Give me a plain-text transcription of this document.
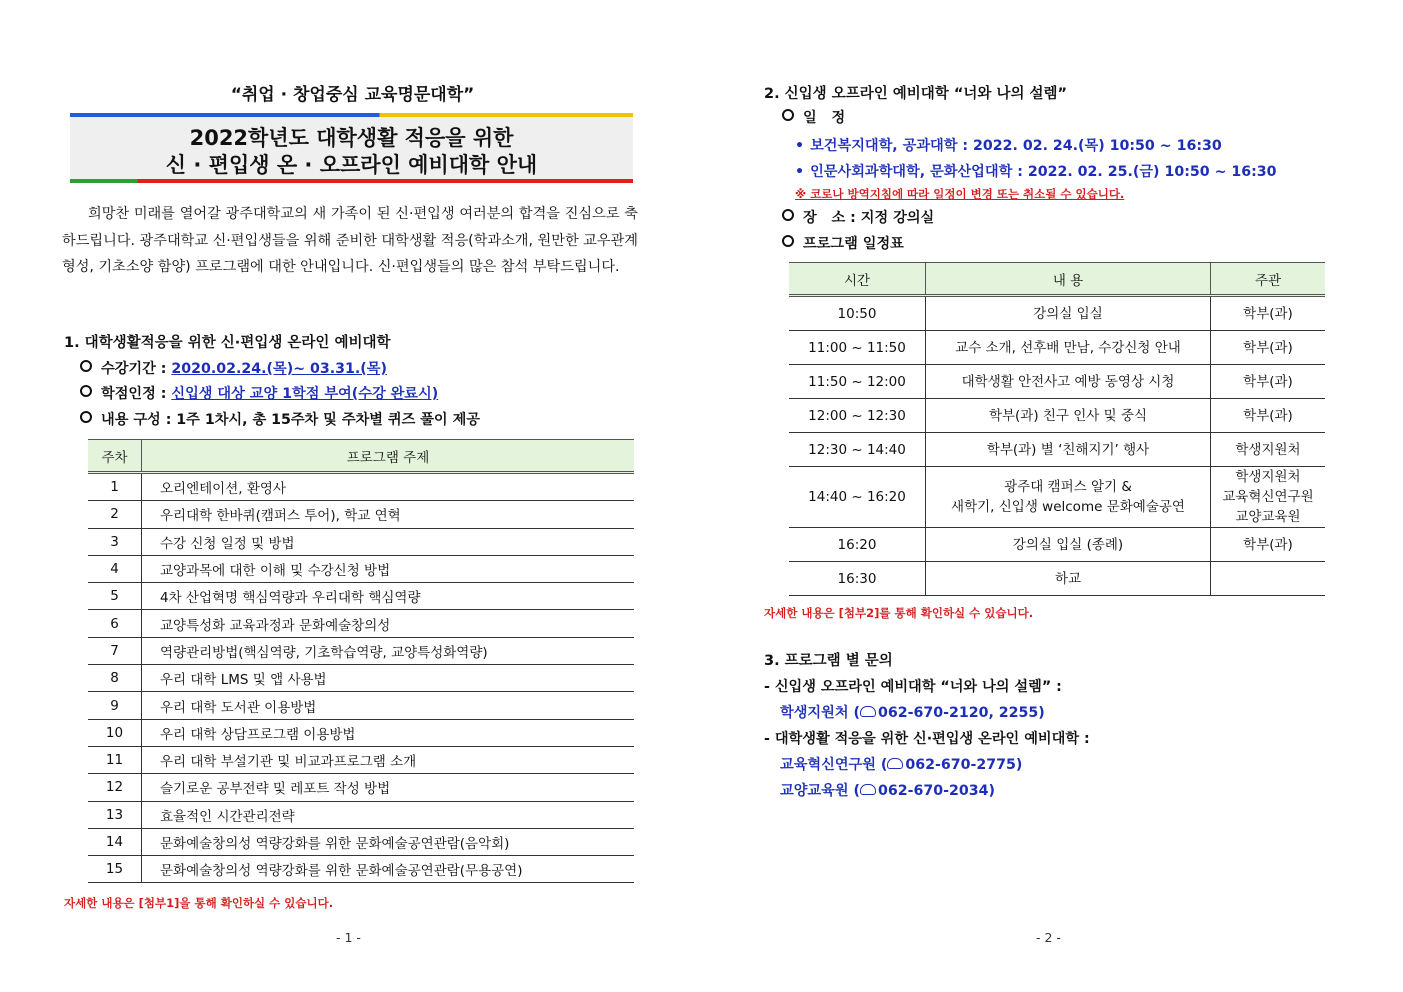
“취업 · 창업중심 교육명문대학”
2022학년도 대학생활 적응을 위한
신 · 편입생 온 · 오프라인 예비대학 안내
희망찬 미래를 열어갈 광주대학교의 새 가족이 된 신·편입생 여러분의 합격을 진심으로 축하드립니다. 광주대학교 신·편입생들을 위해 준비한 대학생활 적응(학과소개, 원만한 교우관계 형성, 기초소양 함양) 프로그램에 대한 안내입니다. 신·편입생들의 많은 참석 부탁드립니다.
1. 대학생활적응을 위한 신·편입생 온라인 예비대학
수강기간 : 2020.02.24.(목)~ 03.31.(목)
학점인정 : 신입생 대상 교양 1학점 부여(수강 완료시)
내용 구성 : 1주 1차시, 총 15주차 및 주차별 퀴즈 풀이 제공
주차	프로그램 주제
1	오리엔테이션, 환영사
2	우리대학 한바퀴(캠퍼스 투어), 학교 연혁
3	수강 신청 일정 및 방법
4	교양과목에 대한 이해 및 수강신청 방법
5	4차 산업혁명 핵심역량과 우리대학 핵심역량
6	교양특성화 교육과정과 문화예술창의성
7	역량관리방법(핵심역량, 기초학습역량, 교양특성화역량)
8	우리 대학 LMS 및 앱 사용법
9	우리 대학 도서관 이용방법
10	우리 대학 상담프로그램 이용방법
11	우리 대학 부설기관 및 비교과프로그램 소개
12	슬기로운 공부전략 및 레포트 작성 방법
13	효율적인 시간관리전략
14	문화예술창의성 역량강화를 위한 문화예술공연관람(음악회)
15	문화예술창의성 역량강화를 위한 문화예술공연관람(무용공연)
자세한 내용은 [첨부1]을 통해 확인하실 수 있습니다.
- 1 -
2. 신입생 오프라인 예비대학 “너와 나의 설렘”
일   정
• 보건복지대학, 공과대학 : 2022. 02. 24.(목) 10:50 ~ 16:30
• 인문사회과학대학, 문화산업대학 : 2022. 02. 25.(금) 10:50 ~ 16:30
※ 코로나 방역지침에 따라 일정이 변경 또는 취소될 수 있습니다.
장   소 : 지정 강의실
프로그램 일정표
시간	내 용	주관
10:50	강의실 입실	학부(과)
11:00 ~ 11:50	교수 소개, 선후배 만남, 수강신청 안내	학부(과)
11:50 ~ 12:00	대학생활 안전사고 예방 동영상 시청	학부(과)
12:00 ~ 12:30	학부(과) 친구 인사 및 중식	학부(과)
12:30 ~ 14:40	학부(과) 별 ‘친해지기’ 행사	학생지원처
14:40 ~ 16:20	광주대 캠퍼스 알기 &
새학기, 신입생 welcome 문화예술공연	학생지원처
교육혁신연구원
교양교육원
16:20	강의실 입실 (종례)	학부(과)
16:30	하교	
자세한 내용은 [첨부2]를 통해 확인하실 수 있습니다.
3. 프로그램 별 문의
- 신입생 오프라인 예비대학 “너와 나의 설렘” :
학생지원처 ( 062-670-2120, 2255)
- 대학생활 적응을 위한 신·편입생 온라인 예비대학 :
교육혁신연구원 ( 062-670-2775)
교양교육원 ( 062-670-2034)
- 2 -
